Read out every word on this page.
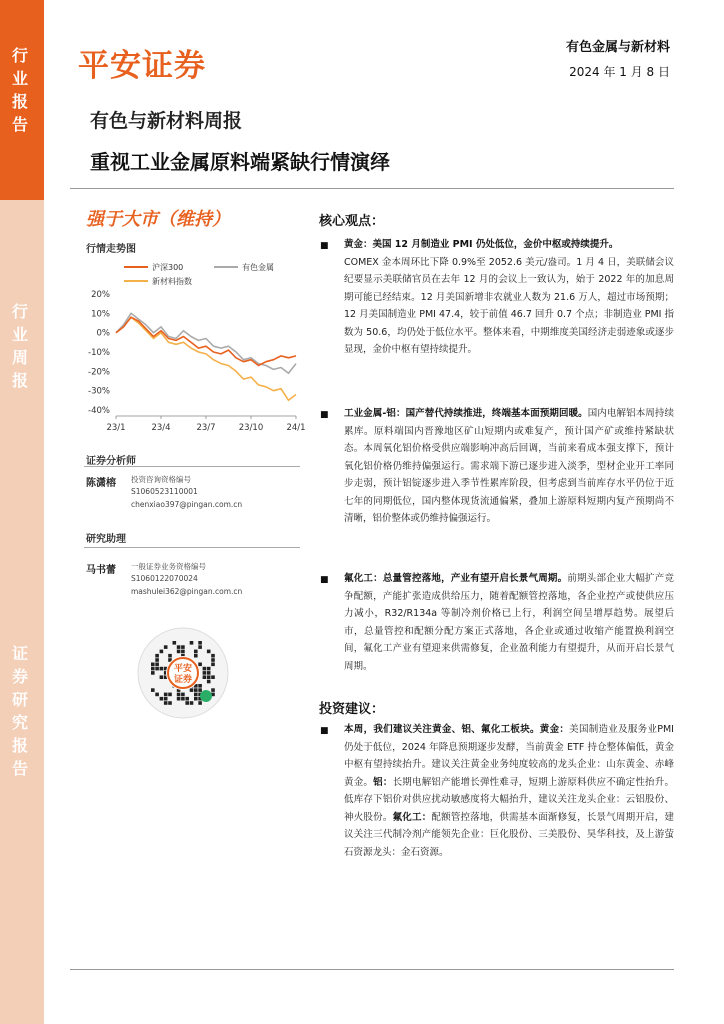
行业报告
行业周报
证券研究报告
平安证券
有色金属与新材料
2024 年 1 月 8 日
有色与新材料周报
重视工业金属原料端紧缺行情演绎
强于大市（维持）
行情走势图
沪深300	有色金属
新材料指数
20%
10%
0%
-10%
-20%
-30%
-40%
23/1	23/4	23/7	23/10	24/1
证券分析师
陈潇榕 投资咨询资格编号
S1060523110001
chenxiao397@pingan.com.cn
研究助理
马书蕾 一般证券业务资格编号
S1060122070024
mashulei362@pingan.com.cn
平安
证券
核心观点：
■ 黄金：美国 12 月制造业 PMI 仍处低位，金价中枢或持续提升。
COMEX 金本周环比下降 0.9%至 2052.6 美元/盎司。1 月 4 日，美联储会议纪要显示美联储官员在去年 12 月的会议上一致认为，始于 2022 年的加息周期可能已经结束。12 月美国新增非农就业人数为 21.6 万人，超过市场预期；12 月美国制造业 PMI 47.4，较于前值 46.7 回升 0.7 个点；非制造业 PMI 指数为 50.6，均仍处于低位水平。整体来看，中期维度美国经济走弱迹象或逐步显现，金价中枢有望持续提升。
■ 工业金属-铝：国产替代持续推进，终端基本面预期回暖。国内电解铝本周持续累库。原料端国内晋豫地区矿山短期内或难复产，预计国产矿或维持紧缺状态。本周氧化铝价格受供应端影响冲高后回调，当前来看成本强支撑下，预计氧化铝价格仍维持偏强运行。需求端下游已逐步进入淡季，型材企业开工率同步走弱，预计铝锭逐步进入季节性累库阶段，但考虑到当前库存水平仍位于近七年的同期低位，国内整体现货流通偏紧，叠加上游原料短期内复产预期尚不清晰，铝价整体或仍维持偏强运行。
■ 氟化工：总量管控落地，产业有望开启长景气周期。前期头部企业大幅扩产竞争配额，产能扩张造成供给压力，随着配额管控落地，各企业控产或使供应压力减小，R32/R134a 等制冷剂价格已上行，利润空间呈增厚趋势。展望后市，总量管控和配额分配方案正式落地，各企业或通过收缩产能置换利润空间，氟化工产业有望迎来供需修复，企业盈利能力有望提升，从而开启长景气周期。
投资建议：
■ 本周，我们建议关注黄金、铝、氟化工板块。黄金：美国制造业及服务业PMI 仍处于低位，2024 年降息预期逐步发酵，当前黄金 ETF 持仓整体偏低，黄金中枢有望持续抬升。建议关注黄金业务纯度较高的龙头企业：山东黄金、赤峰黄金。铝：长期电解铝产能增长弹性难寻，短期上游原料供应不确定性抬升。低库存下铝价对供应扰动敏感度将大幅抬升，建议关注龙头企业：云铝股份、神火股份。氟化工：配额管控落地，供需基本面渐修复，长景气周期开启，建议关注三代制冷剂产能领先企业：巨化股份、三美股份、昊华科技，及上游萤石资源龙头：金石资源。
